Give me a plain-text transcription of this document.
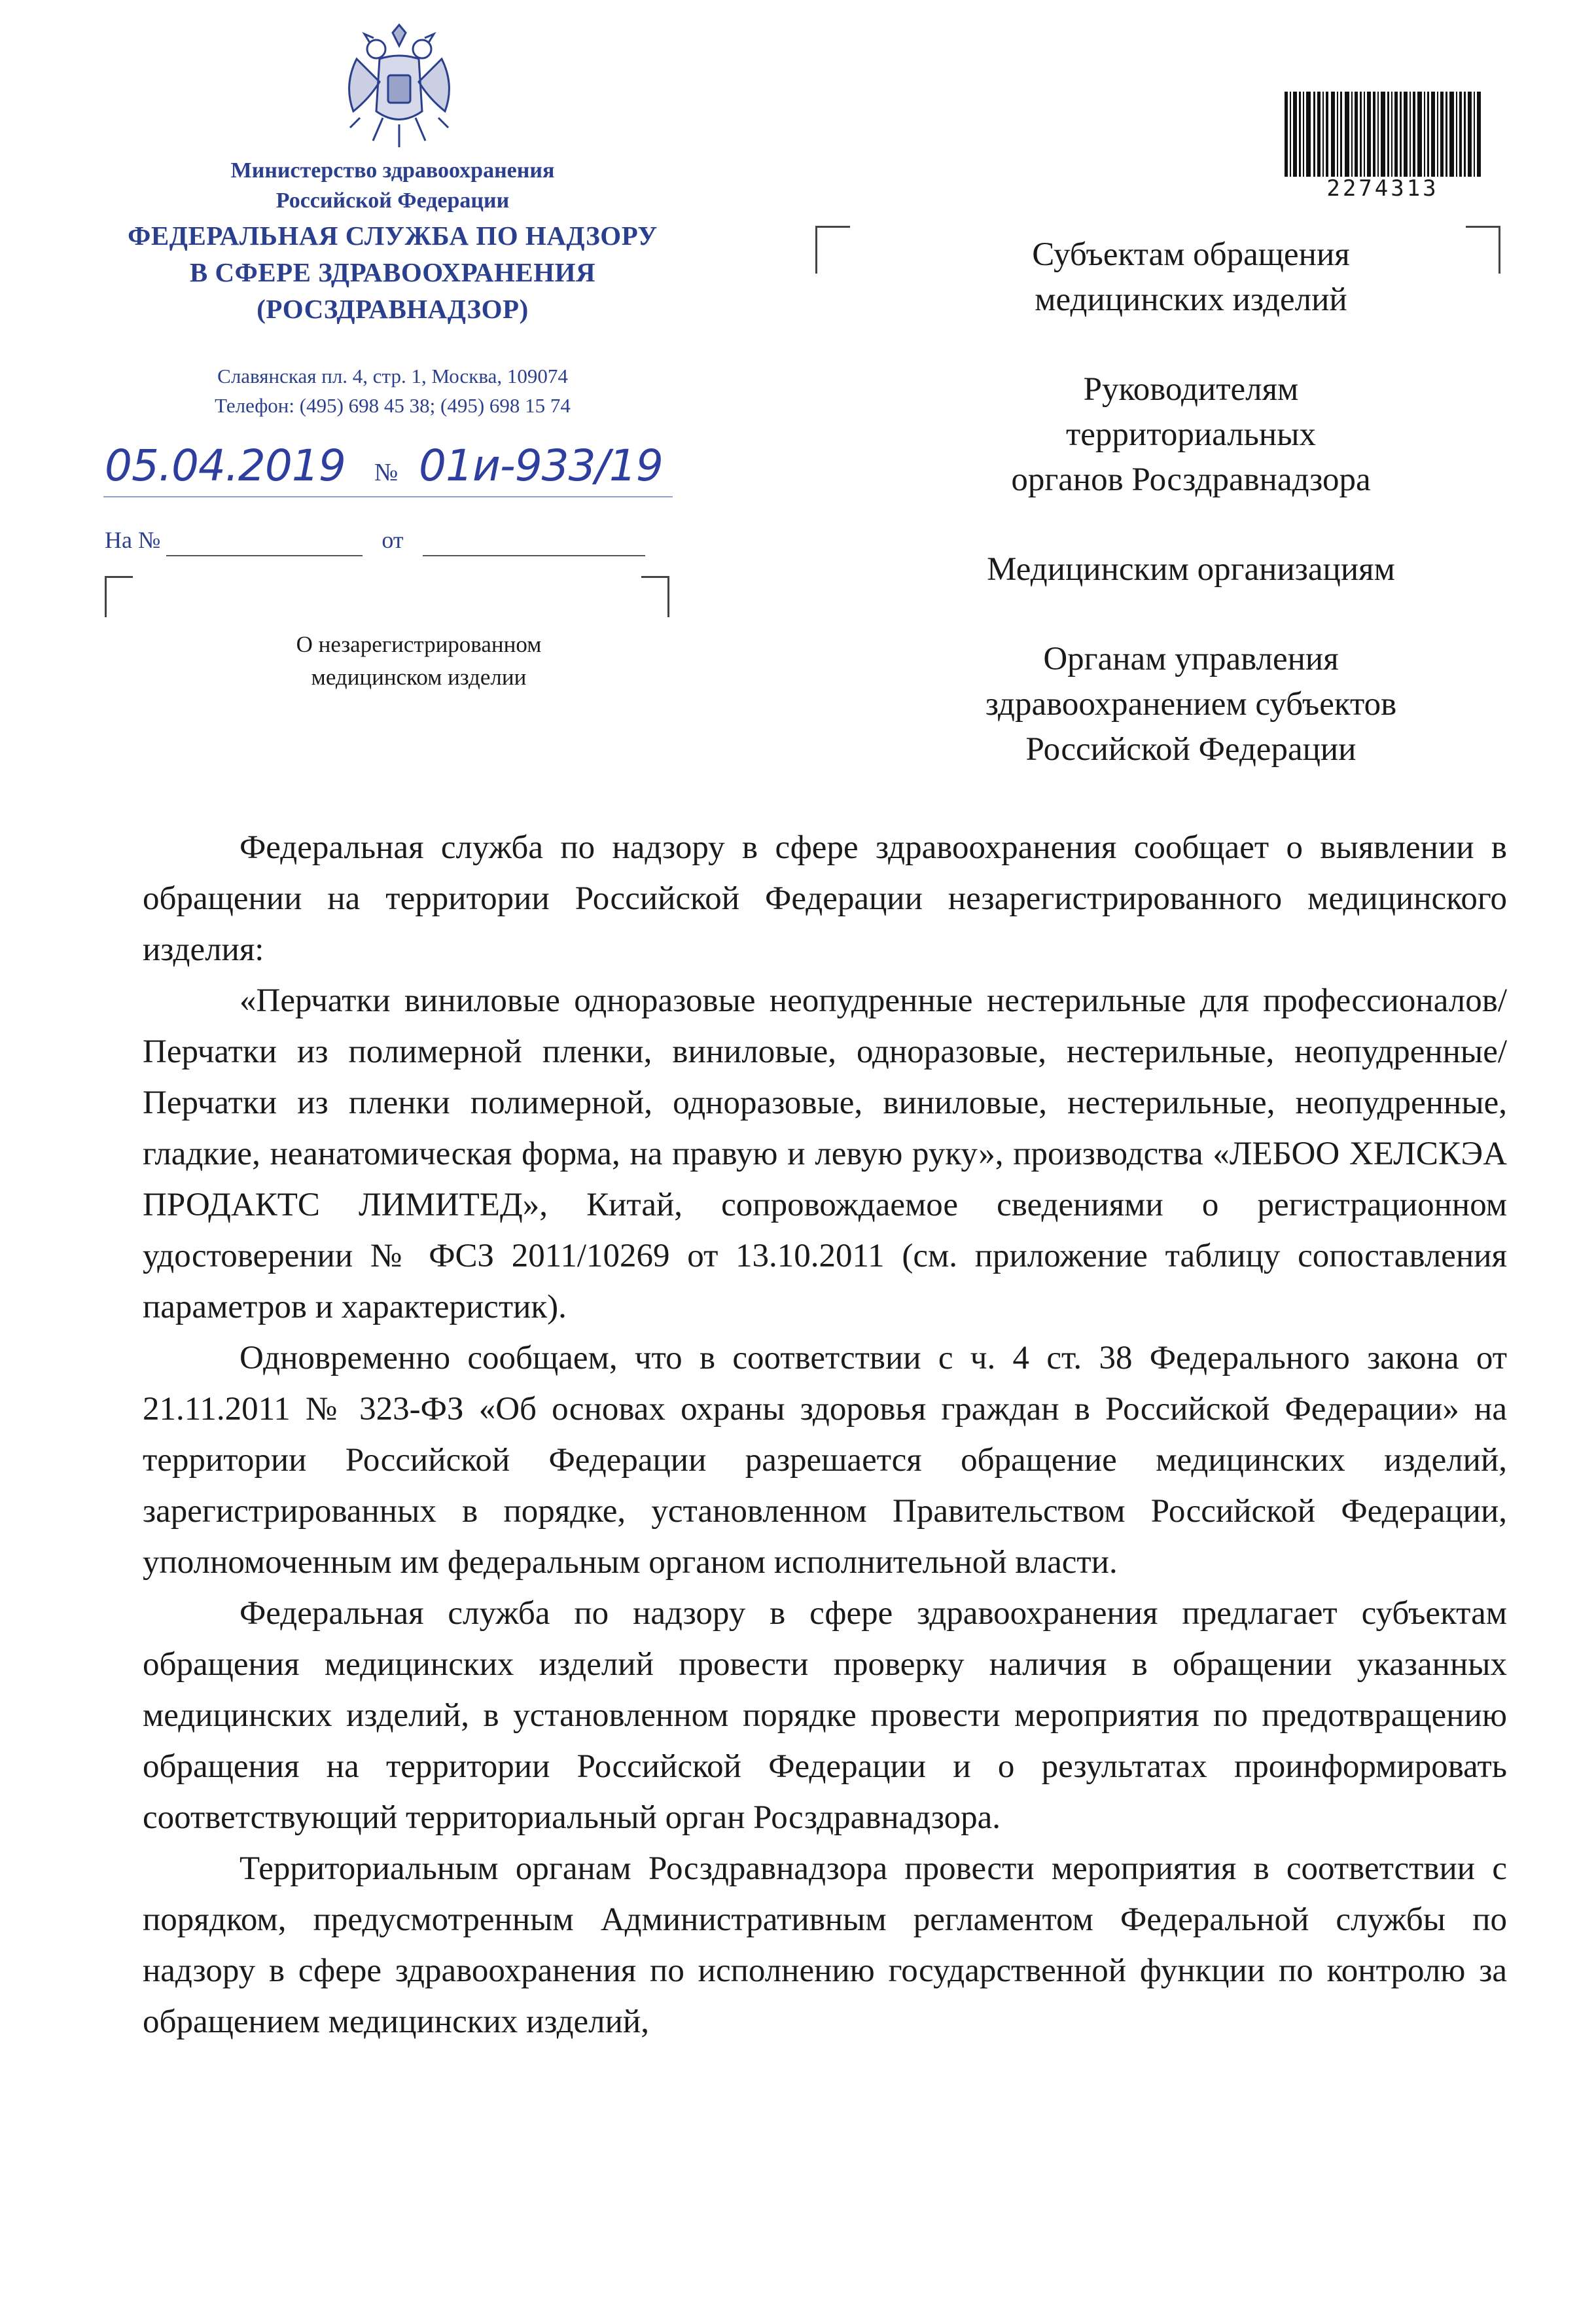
Министерство здравоохранения
Российской Федерации
ФЕДЕРАЛЬНАЯ СЛУЖБА ПО НАДЗОРУ
В СФЕРЕ ЗДРАВООХРАНЕНИЯ
(РОСЗДРАВНАДЗОР)
Славянская пл. 4, стр. 1, Москва, 109074
Телефон: (495) 698 45 38; (495) 698 15 74
05.04.2019 № 01и-933/19
На №	от
О незарегистрированном
медицинском изделии
2274313
Субъектам обращения
медицинских изделий
Руководителям
территориальных
органов Росздравнадзора
Медицинским организациям
Органам управления
здравоохранением субъектов
Российской Федерации

Федеральная служба по надзору в сфере здравоохранения сообщает о выявлении в обращении на территории Российской Федерации незарегистрированного медицинского изделия:

«Перчатки виниловые одноразовые неопудренные нестерильные для профессионалов/ Перчатки из полимерной пленки, виниловые, одноразовые, нестерильные, неопудренные/ Перчатки из пленки полимерной, одноразовые, виниловые, нестерильные, неопудренные, гладкие, неанатомическая форма, на правую и левую руку», производства «ЛЕБОО ХЕЛСКЭА ПРОДАКТС ЛИМИТЕД», Китай, сопровождаемое сведениями о регистрационном удостоверении № ФСЗ 2011/10269 от 13.10.2011 (см. приложение таблицу сопоставления параметров и характеристик).

Одновременно сообщаем, что в соответствии с ч. 4 ст. 38 Федерального закона от 21.11.2011 № 323-ФЗ «Об основах охраны здоровья граждан в Российской Федерации» на территории Российской Федерации разрешается обращение медицинских изделий, зарегистрированных в порядке, установленном Правительством Российской Федерации, уполномоченным им федеральным органом исполнительной власти.

Федеральная служба по надзору в сфере здравоохранения предлагает субъектам обращения медицинских изделий провести проверку наличия в обращении указанных медицинских изделий, в установленном порядке провести мероприятия по предотвращению обращения на территории Российской Федерации и о результатах проинформировать соответствующий территориальный орган Росздравнадзора.

Территориальным органам Росздравнадзора провести мероприятия в соответствии с порядком, предусмотренным Административным регламентом Федеральной службы по надзору в сфере здравоохранения по исполнению государственной функции по контролю за обращением медицинских изделий,
